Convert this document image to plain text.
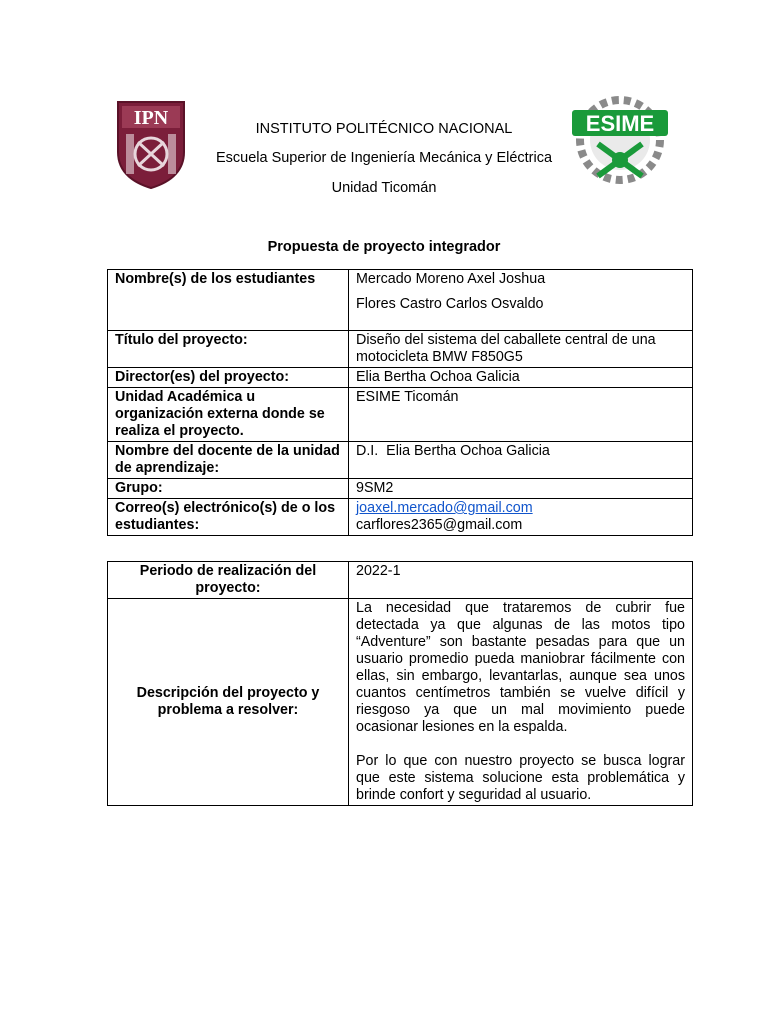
IPN	ESIME
INSTITUTO POLITÉCNICO NACIONAL
Escuela Superior de Ingeniería Mecánica y Eléctrica
Unidad Ticomán
Propuesta de proyecto integrador
Nombre(s) de los estudiantes	Mercado Moreno Axel Joshua
Flores Castro Carlos Osvaldo

Título del proyecto:	Diseño del sistema del caballete central de una motocicleta BMW F850G5
Director(es) del proyecto:	Elia Bertha Ochoa Galicia
Unidad Académica u organización externa donde se realiza el proyecto.	ESIME Ticomán
Nombre del docente de la unidad de aprendizaje:	D.I.  Elia Bertha Ochoa Galicia
Grupo:	9SM2
Correo(s) electrónico(s) de o los estudiantes:	joaxel.mercado@gmail.com
carflores2365@gmail.com
Periodo de realización del proyecto:	2022-1
Descripción del proyecto y problema a resolver:	La necesidad que trataremos de cubrir fue detectada ya que algunas de las motos tipo “Adventure” son bastante pesadas para que un usuario promedio pueda maniobrar fácilmente con ellas, sin embargo, levantarlas, aunque sea unos cuantos centímetros también se vuelve difícil y riesgoso ya que un mal movimiento puede ocasionar lesiones en la espalda.
Por lo que con nuestro proyecto se busca lograr que este sistema solucione esta problemática y brinde confort y seguridad al usuario.
